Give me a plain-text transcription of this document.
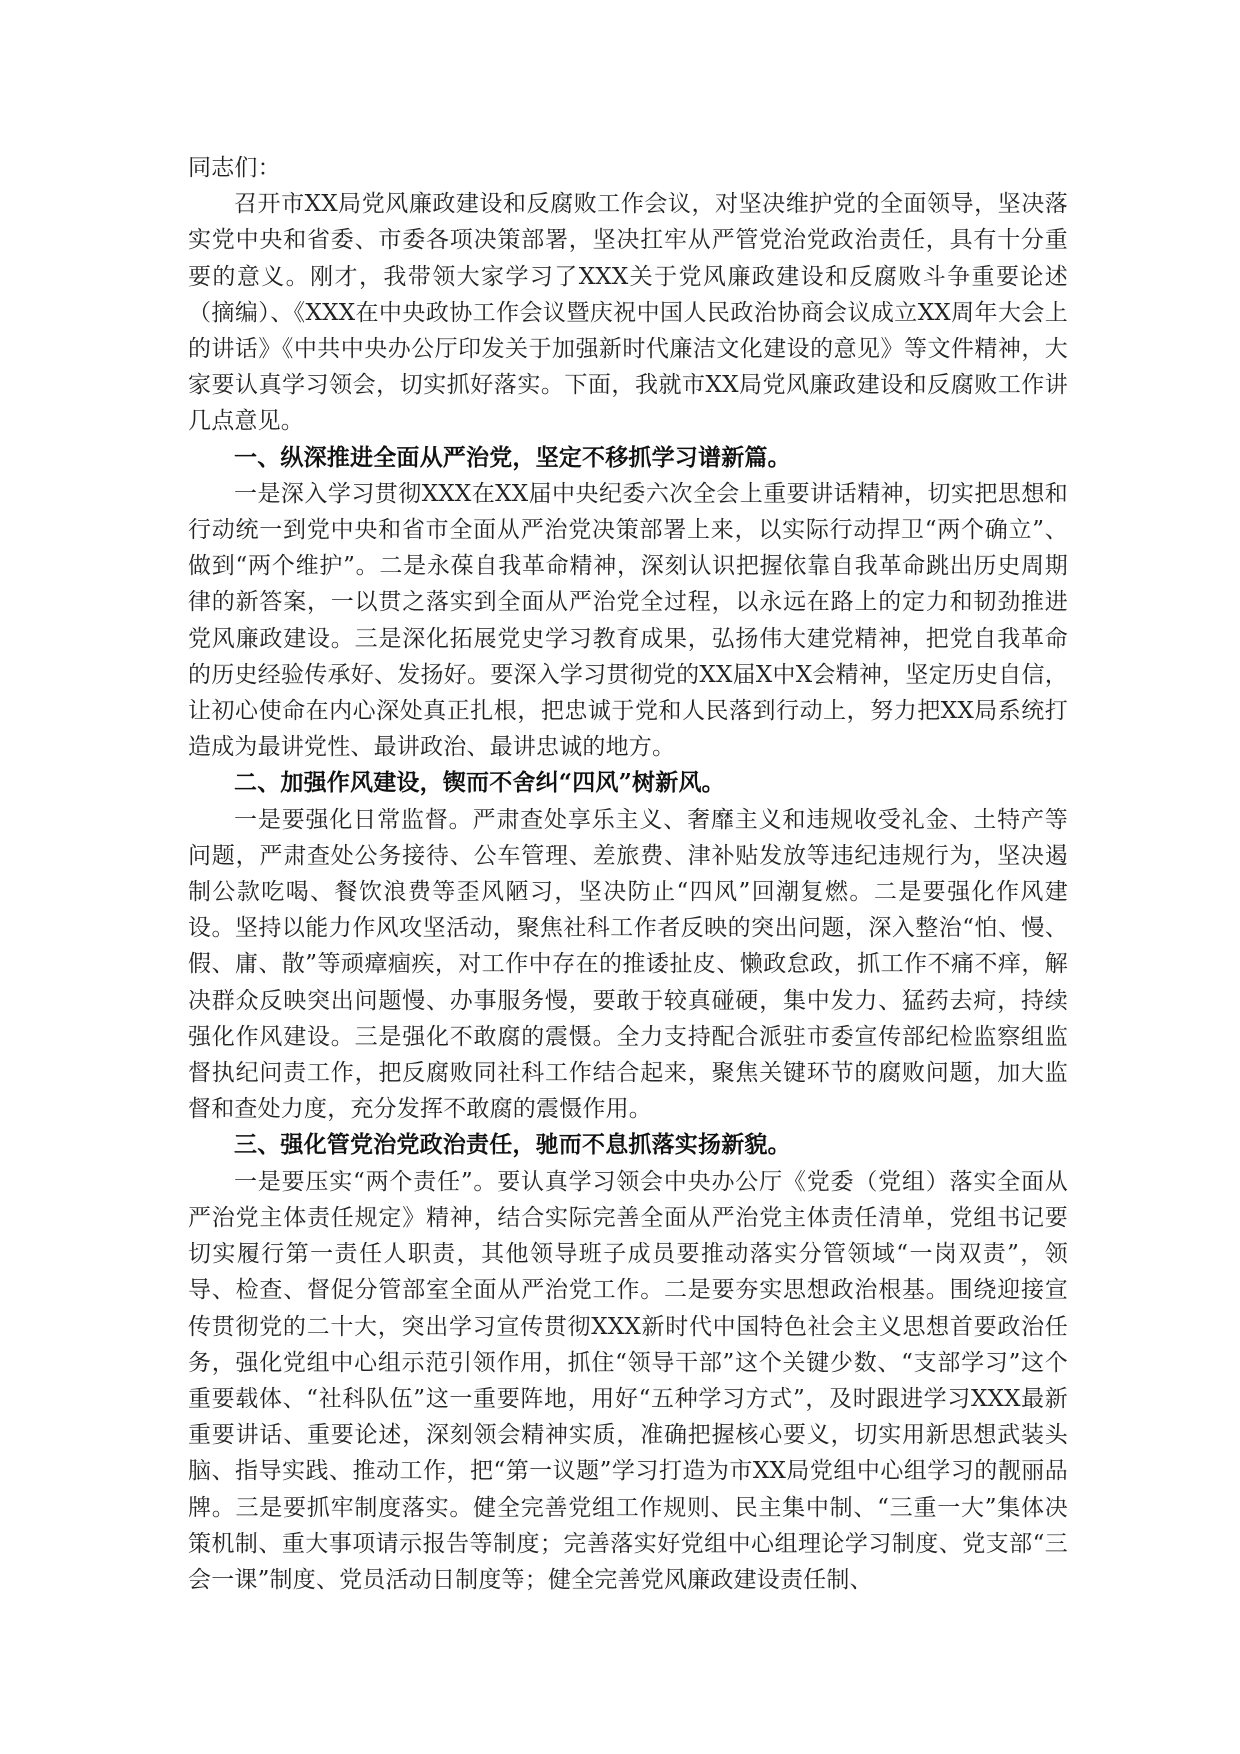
同志们：

召开市XX局党风廉政建设和反腐败工作会议，对坚决维护党的全面领导，坚决落实党中央和省委、市委各项决策部署，坚决扛牢从严管党治党政治责任，具有十分重要的意义。刚才，我带领大家学习了XXX关于党风廉政建设和反腐败斗争重要论述（摘编）、《XXX在中央政协工作会议暨庆祝中国人民政治协商会议成立XX周年大会上的讲话》《中共中央办公厅印发关于加强新时代廉洁文化建设的意见》等文件精神，大家要认真学习领会，切实抓好落实。下面，我就市XX局党风廉政建设和反腐败工作讲几点意见。

一、纵深推进全面从严治党，坚定不移抓学习谱新篇。

一是深入学习贯彻XXX在XX届中央纪委六次全会上重要讲话精神，切实把思想和行动统一到党中央和省市全面从严治党决策部署上来，以实际行动捍卫“两个确立”、做到“两个维护”。二是永葆自我革命精神，深刻认识把握依靠自我革命跳出历史周期律的新答案，一以贯之落实到全面从严治党全过程，以永远在路上的定力和韧劲推进党风廉政建设。三是深化拓展党史学习教育成果，弘扬伟大建党精神，把党自我革命的历史经验传承好、发扬好。要深入学习贯彻党的XX届X中X会精神，坚定历史自信，让初心使命在内心深处真正扎根，把忠诚于党和人民落到行动上，努力把XX局系统打造成为最讲党性、最讲政治、最讲忠诚的地方。

二、加强作风建设，锲而不舍纠“四风”树新风。

一是要强化日常监督。严肃查处享乐主义、奢靡主义和违规收受礼金、土特产等问题，严肃查处公务接待、公车管理、差旅费、津补贴发放等违纪违规行为，坚决遏制公款吃喝、餐饮浪费等歪风陋习，坚决防止“四风”回潮复燃。二是要强化作风建设。坚持以能力作风攻坚活动，聚焦社科工作者反映的突出问题，深入整治“怕、慢、假、庸、散”等顽瘴痼疾，对工作中存在的推诿扯皮、懒政怠政，抓工作不痛不痒，解决群众反映突出问题慢、办事服务慢，要敢于较真碰硬，集中发力、猛药去疴，持续强化作风建设。三是强化不敢腐的震慑。全力支持配合派驻市委宣传部纪检监察组监督执纪问责工作，把反腐败同社科工作结合起来，聚焦关键环节的腐败问题，加大监督和查处力度，充分发挥不敢腐的震慑作用。

三、强化管党治党政治责任，驰而不息抓落实扬新貌。

一是要压实“两个责任”。要认真学习领会中央办公厅《党委（党组）落实全面从严治党主体责任规定》精神，结合实际完善全面从严治党主体责任清单，党组书记要切实履行第一责任人职责，其他领导班子成员要推动落实分管领域“一岗双责”，领导、检查、督促分管部室全面从严治党工作。二是要夯实思想政治根基。围绕迎接宣传贯彻党的二十大，突出学习宣传贯彻XXX新时代中国特色社会主义思想首要政治任务，强化党组中心组示范引领作用，抓住“领导干部”这个关键少数、“支部学习”这个重要载体、“社科队伍”这一重要阵地，用好“五种学习方式”，及时跟进学习XXX最新重要讲话、重要论述，深刻领会精神实质，准确把握核心要义，切实用新思想武装头脑、指导实践、推动工作，把“第一议题”学习打造为市XX局党组中心组学习的靓丽品牌。三是要抓牢制度落实。健全完善党组工作规则、民主集中制、“三重一大”集体决策机制、重大事项请示报告等制度；完善落实好党组中心组理论学习制度、党支部“三会一课”制度、党员活动日制度等；健全完善党风廉政建设责任制、
